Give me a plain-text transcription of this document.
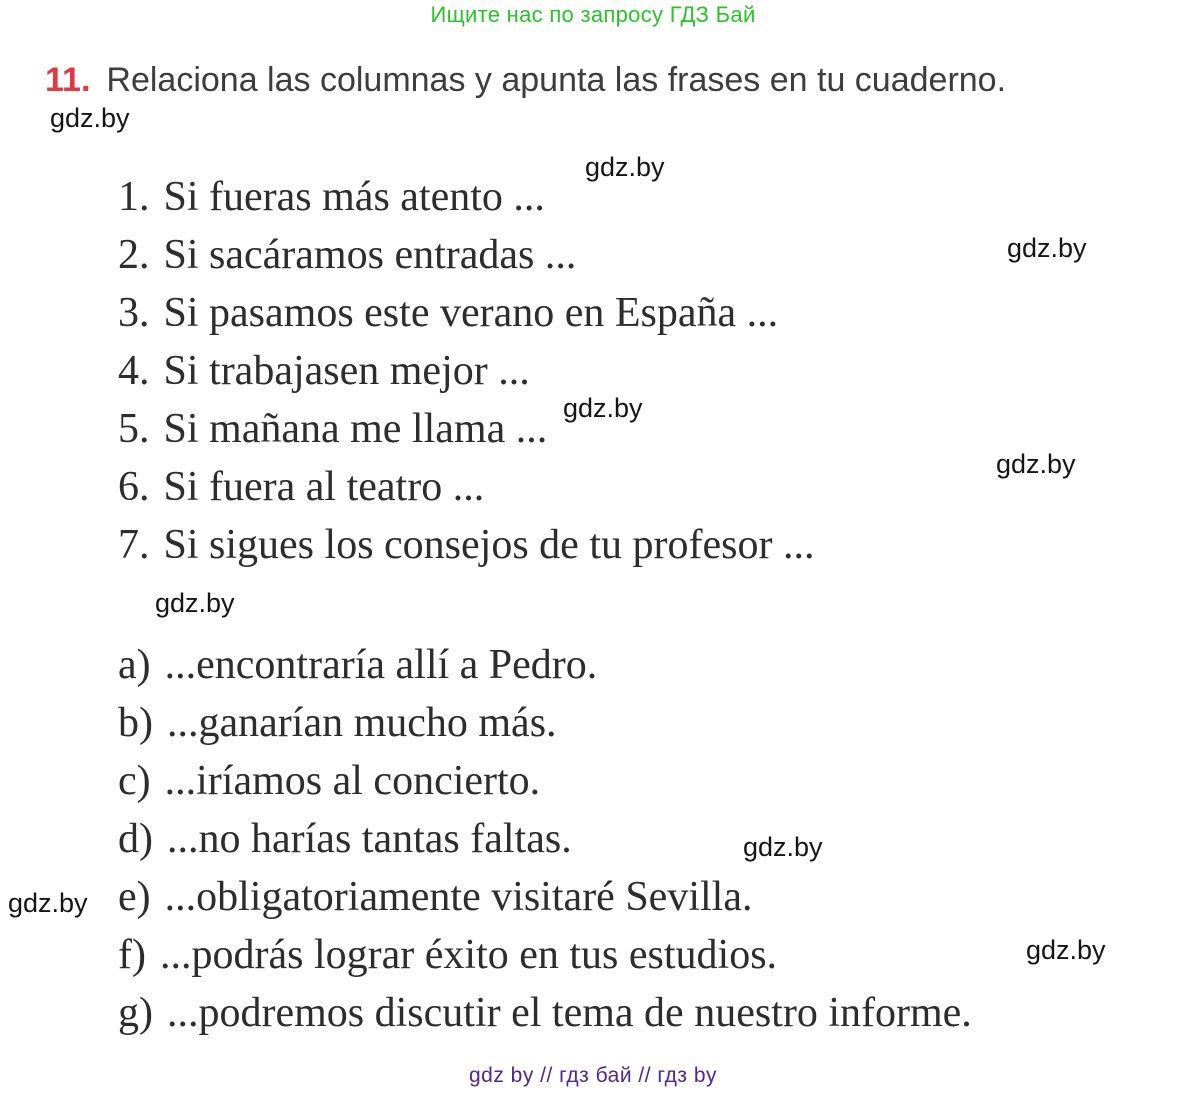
Ищите нас по запросу ГДЗ Бай
11. Relaciona las columnas y apunta las frases en tu cuaderno.
gdz.by
gdz.by
gdz.by
gdz.by
gdz.by
gdz.by
gdz.by
gdz.by
gdz.by
1. Si fueras más atento ...
2. Si sacáramos entradas ...
3. Si pasamos este verano en España ...
4. Si trabajasen mejor ...
5. Si mañana me llama ...
6. Si fuera al teatro ...
7. Si sigues los consejos de tu profesor ...
a) ...encontraría allí a Pedro.
b) ...ganarían mucho más.
c) ...iríamos al concierto.
d) ...no harías tantas faltas.
e) ...obligatoriamente visitaré Sevilla.
f) ...podrás lograr éxito en tus estudios.
g) ...podremos discutir el tema de nuestro informe.
gdz by // гдз бай // гдз by
